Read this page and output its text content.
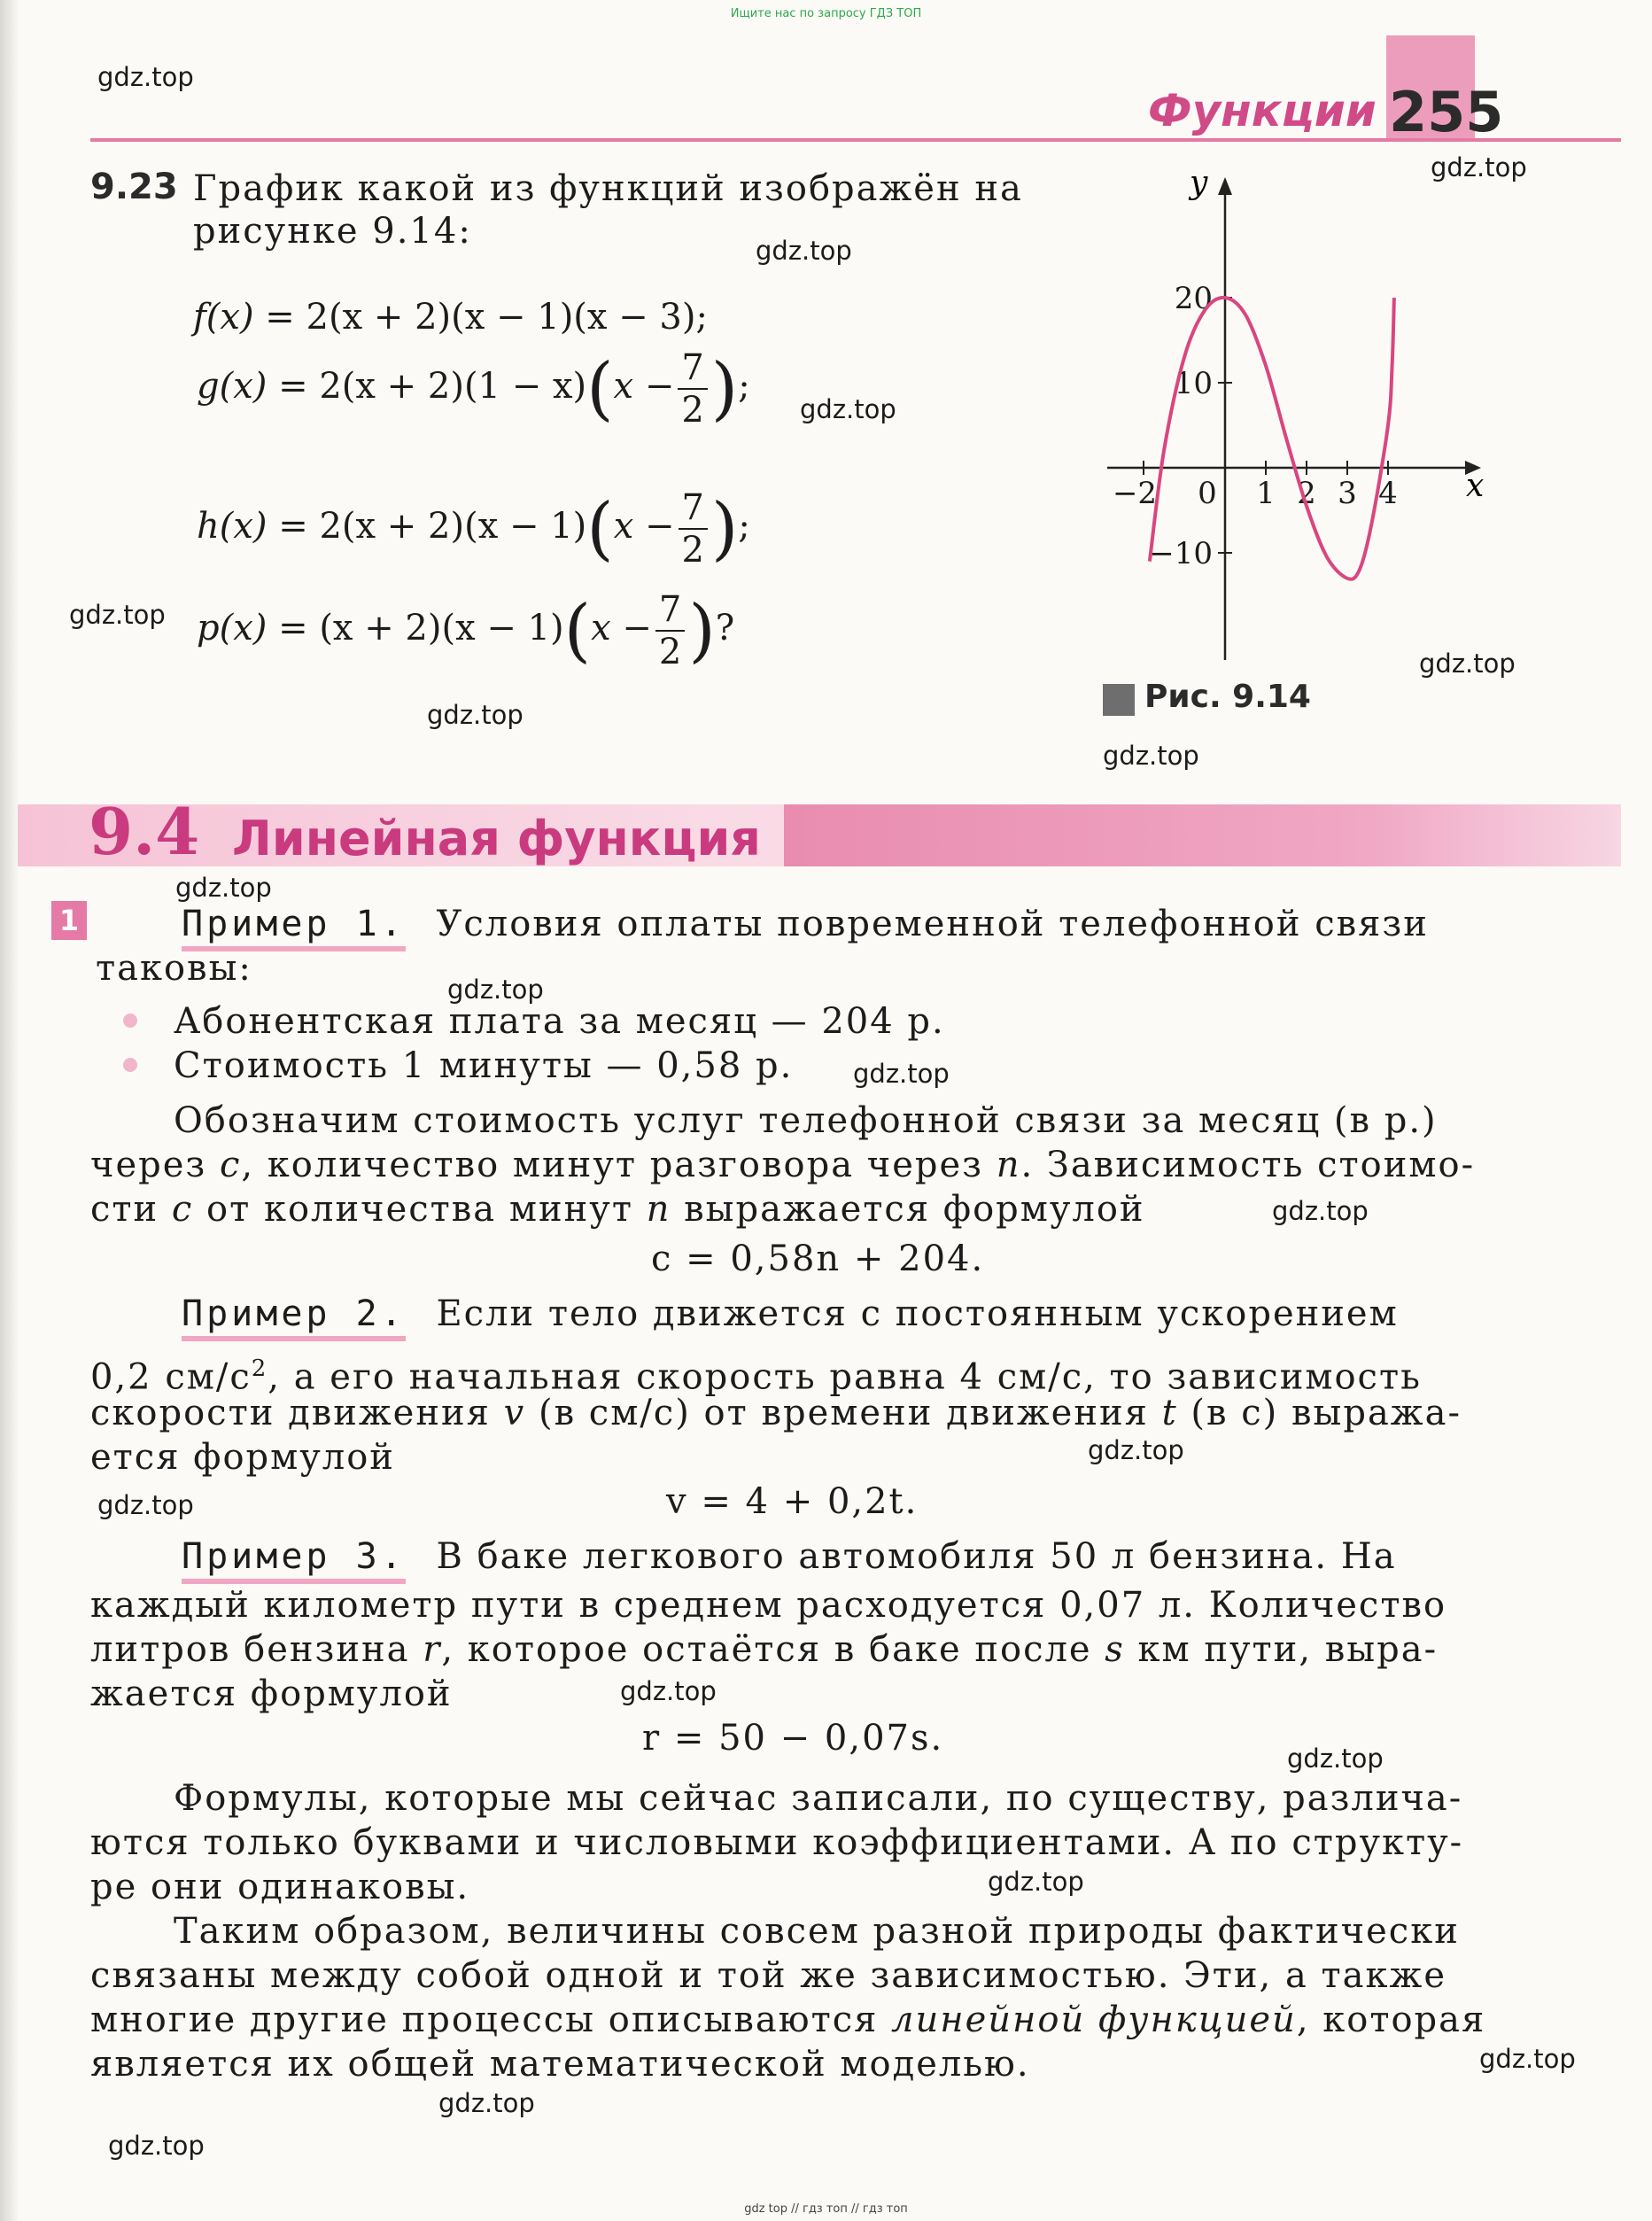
Ищите нас по запросу ГДЗ ТОП
Функции 255
9.23 График какой из функций изображён на
рисунке 9.14:
f(x) = 2(x + 2)(x − 1)(x − 3);
$g(x) = 2(x + 2)(1 - x)(x - \frac{7}{2}$ );
$h(x) = 2(x + 2)(x - 1)(x - \frac{7}{2}$ );
$p(x) = (x + 2)(x - 1)(x - \frac{7}{2}$ )?
−2 0 1 2 3 4
20
10
−10
x
y
Рис. 9.14
9.4 Линейная функция
1	Пример 1. Условия оплаты повременной телефонной связи
таковы:
Абонентская плата за месяц — 204 р.
Стоимость 1 минуты — 0,58 р.
Обозначим стоимость услуг телефонной связи за месяц (в р.)
через c, количество минут разговора через n. Зависимость стоимо-
сти c от количества минут n выражается формулой
c = 0,58n + 204.
Пример 2. Если тело движется с постоянным ускорением
0,2 $см/с^2$, а его начальная скорость равна 4 см/с, то зависимость
скорости движения v (в см/с) от времени движения t (в с) выража-
ется формулой
v = 4 + 0,2t.
Пример 3. В баке легкового автомобиля 50 л бензина. На
каждый километр пути в среднем расходуется 0,07 л. Количество
литров бензина r, которое остаётся в баке после s км пути, выра-
жается формулой
r = 50 − 0,07s.
Формулы, которые мы сейчас записали, по существу, различа-
ются только буквами и числовыми коэффициентами. А по структу-
ре они одинаковы.
Таким образом, величины совсем разной природы фактически
связаны между собой одной и той же зависимостью. Эти, а также
многие другие процессы описываются линейной функцией, которая
является их общей математической моделью.
gdz.top
gdz.top
gdz.top
gdz.top
gdz.top
gdz.top
gdz.top
gdz.top
gdz.top
gdz.top
gdz.top
gdz.top
gdz.top
gdz.top
gdz.top
gdz.top
gdz.top
gdz.top
gdz.top
gdz.top
gdz top // гдз топ // гдз топ
